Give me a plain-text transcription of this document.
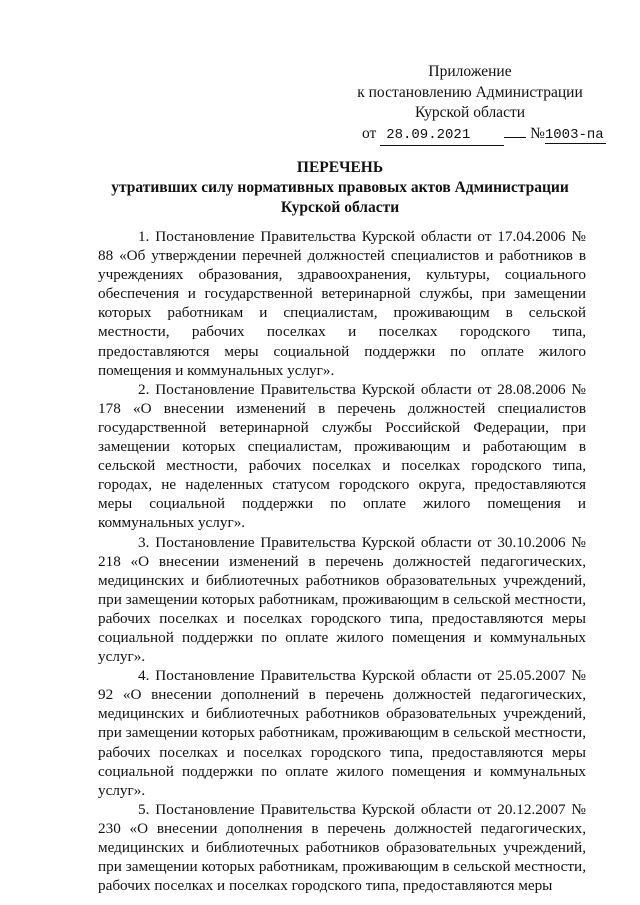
Приложение
к постановлению Администрации
Курской области
от 28.09.2021	№1003-па
ПЕРЕЧЕНЬ
утративших силу нормативных правовых актов Администрации
Курской области

1. Постановление Правительства Курской области от 17.04.2006 № 88 «Об утверждении перечней должностей специалистов и работников в учреждениях образования, здравоохранения, культуры, социального обеспечения и государственной ветеринарной службы, при замещении которых работникам и специалистам, проживающим в сельской местности, рабочих поселках и поселках городского типа, предоставляются меры социальной поддержки по оплате жилого помещения и коммунальных услуг».

2. Постановление Правительства Курской области от 28.08.2006 № 178 «О внесении изменений в перечень должностей специалистов государственной ветеринарной службы Российской Федерации, при замещении которых специалистам, проживающим и работающим в сельской местности, рабочих поселках и поселках городского типа, городах, не наделенных статусом городского округа, предоставляются меры социальной поддержки по оплате жилого помещения и коммунальных услуг».

3. Постановление Правительства Курской области от 30.10.2006 № 218 «О внесении изменений в перечень должностей педагогических, медицинских и библиотечных работников образовательных учреждений, при замещении которых работникам, проживающим в сельской местности, рабочих поселках и поселках городского типа, предоставляются меры социальной поддержки по оплате жилого помещения и коммунальных услуг».

4. Постановление Правительства Курской области от 25.05.2007 № 92 «О внесении дополнений в перечень должностей педагогических, медицинских и библиотечных работников образовательных учреждений, при замещении которых работникам, проживающим в сельской местности, рабочих поселках и поселках городского типа, предоставляются меры социальной поддержки по оплате жилого помещения и коммунальных услуг».

5. Постановление Правительства Курской области от 20.12.2007 № 230 «О внесении дополнения в перечень должностей педагогических, медицинских и библиотечных работников образовательных учреждений, при замещении которых работникам, проживающим в сельской местности, рабочих поселках и поселках городского типа, предоставляются меры
